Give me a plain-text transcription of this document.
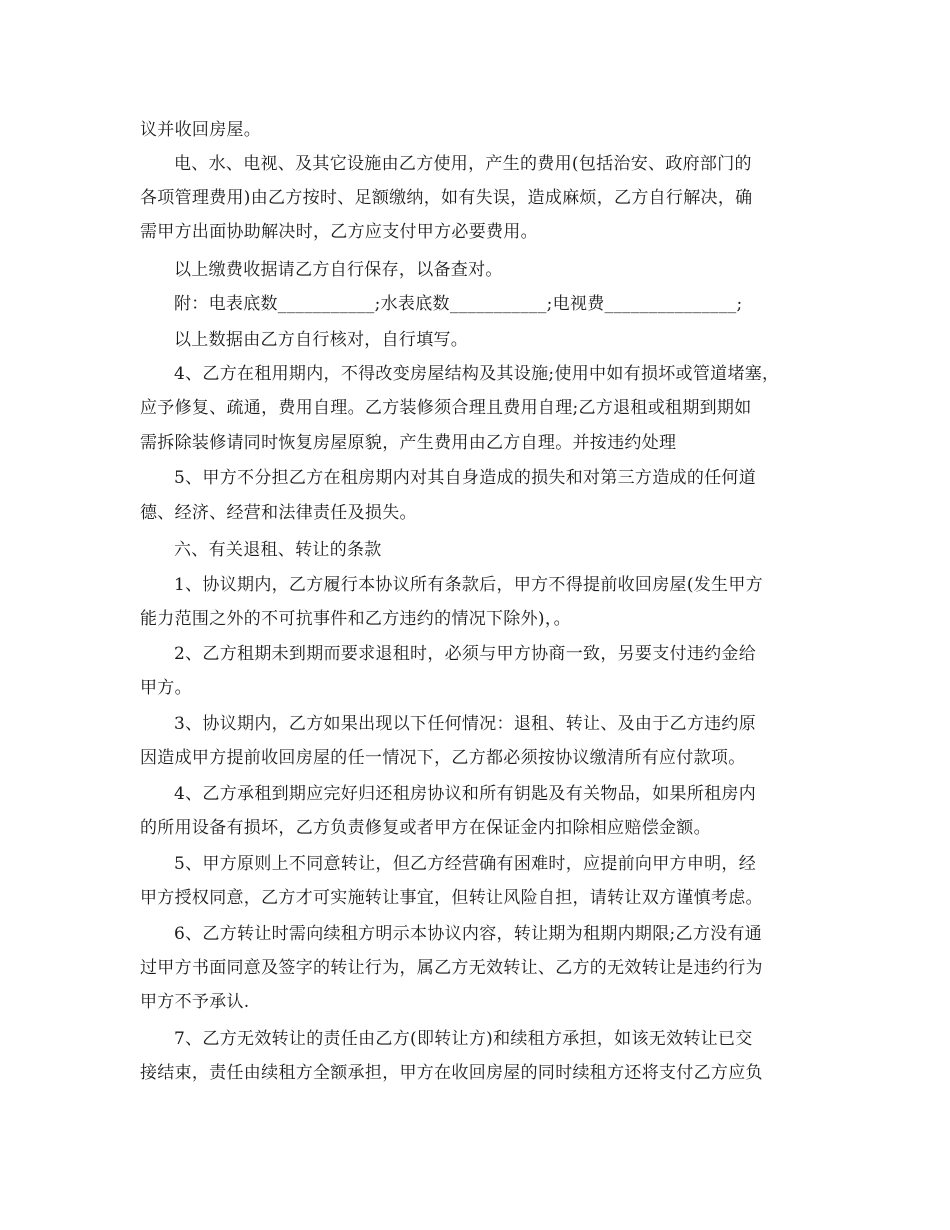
议并收回房屋。
电、水、电视、及其它设施由乙方使用，产生的费用(包括治安、政府部门的
各项管理费用)由乙方按时、足额缴纳，如有失误，造成麻烦，乙方自行解决，确
需甲方出面协助解决时，乙方应支付甲方必要费用。
以上缴费收据请乙方自行保存，以备查对。
附：电表底数___________;水表底数___________;电视费_______________;
以上数据由乙方自行核对，自行填写。
4、乙方在租用期内，不得改变房屋结构及其设施;使用中如有损坏或管道堵塞，
应予修复、疏通，费用自理。乙方装修须合理且费用自理;乙方退租或租期到期如
需拆除装修请同时恢复房屋原貌，产生费用由乙方自理。并按违约处理
5、甲方不分担乙方在租房期内对其自身造成的损失和对第三方造成的任何道
德、经济、经营和法律责任及损失。
六、有关退租、转让的条款
1、协议期内，乙方履行本协议所有条款后，甲方不得提前收回房屋(发生甲方
能力范围之外的不可抗事件和乙方违约的情况下除外)，。
2、乙方租期未到期而要求退租时，必须与甲方协商一致，另要支付违约金给
甲方。
3、协议期内，乙方如果出现以下任何情况：退租、转让、及由于乙方违约原
因造成甲方提前收回房屋的任一情况下，乙方都必须按协议缴清所有应付款项。
4、乙方承租到期应完好归还租房协议和所有钥匙及有关物品，如果所租房内
的所用设备有损坏，乙方负责修复或者甲方在保证金内扣除相应赔偿金额。
5、甲方原则上不同意转让，但乙方经营确有困难时，应提前向甲方申明，经
甲方授权同意，乙方才可实施转让事宜，但转让风险自担，请转让双方谨慎考虑。
6、乙方转让时需向续租方明示本协议内容，转让期为租期内期限;乙方没有通
过甲方书面同意及签字的转让行为，属乙方无效转让、乙方的无效转让是违约行为
甲方不予承认.
7、乙方无效转让的责任由乙方(即转让方)和续租方承担，如该无效转让已交
接结束，责任由续租方全额承担，甲方在收回房屋的同时续租方还将支付乙方应负
